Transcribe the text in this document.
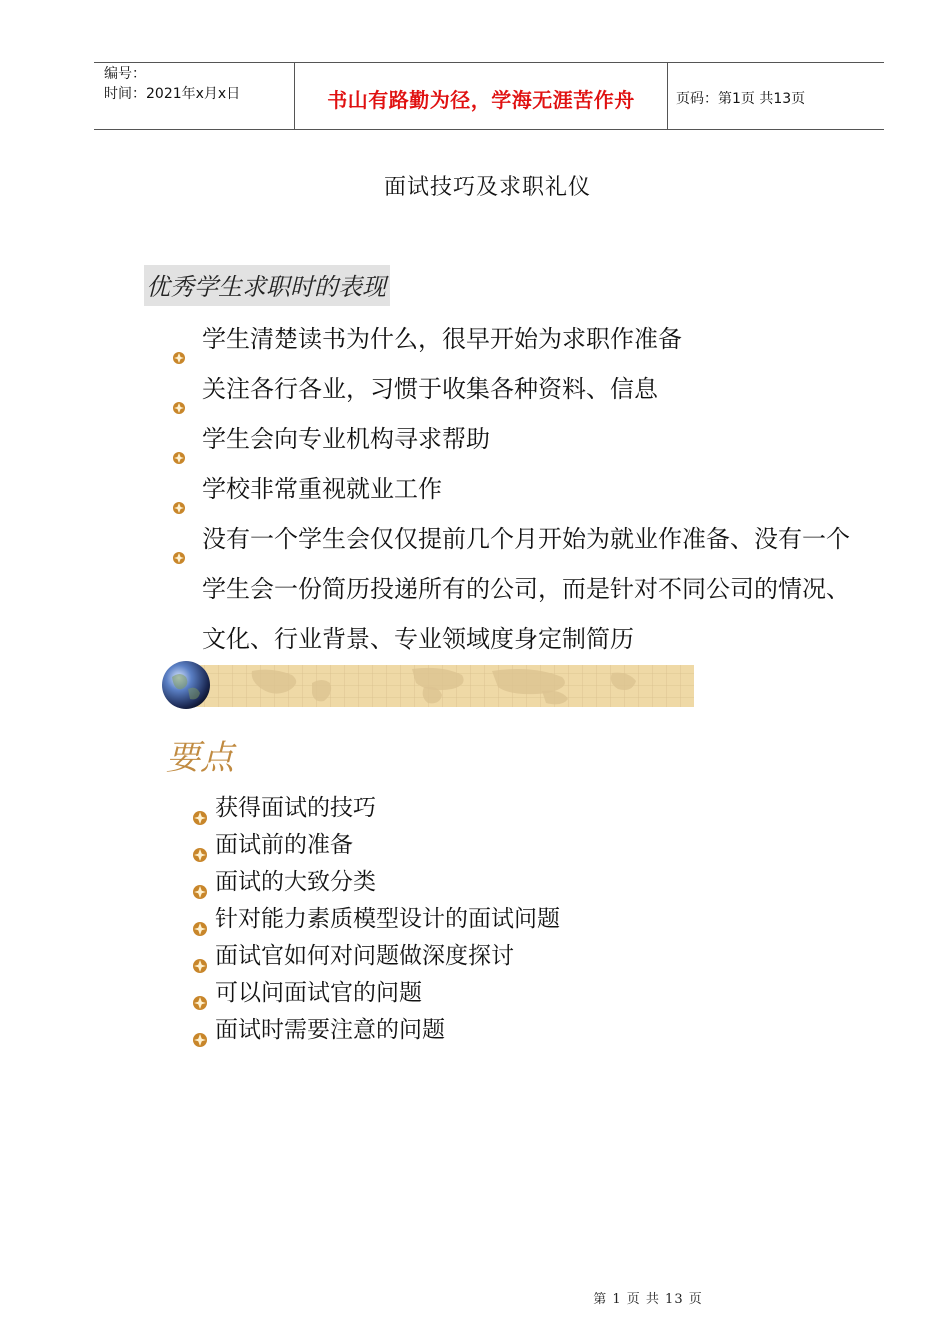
编号：
时间：2021年x月x日	书山有路勤为径，学海无涯苦作舟	页码：第1页 共13页
面试技巧及求职礼仪
优秀学生求职时的表现
学生清楚读书为什么，很早开始为求职作准备
关注各行各业，习惯于收集各种资料、信息
学生会向专业机构寻求帮助
学校非常重视就业工作
没有一个学生会仅仅提前几个月开始为就业作准备、没有一个学生会一份简历投递所有的公司，而是针对不同公司的情况、文化、行业背景、专业领域度身定制简历
要点
获得面试的技巧
面试前的准备
面试的大致分类
针对能力素质模型设计的面试问题
面试官如何对问题做深度探讨
可以问面试官的问题
面试时需要注意的问题
第 1 页 共 13 页
